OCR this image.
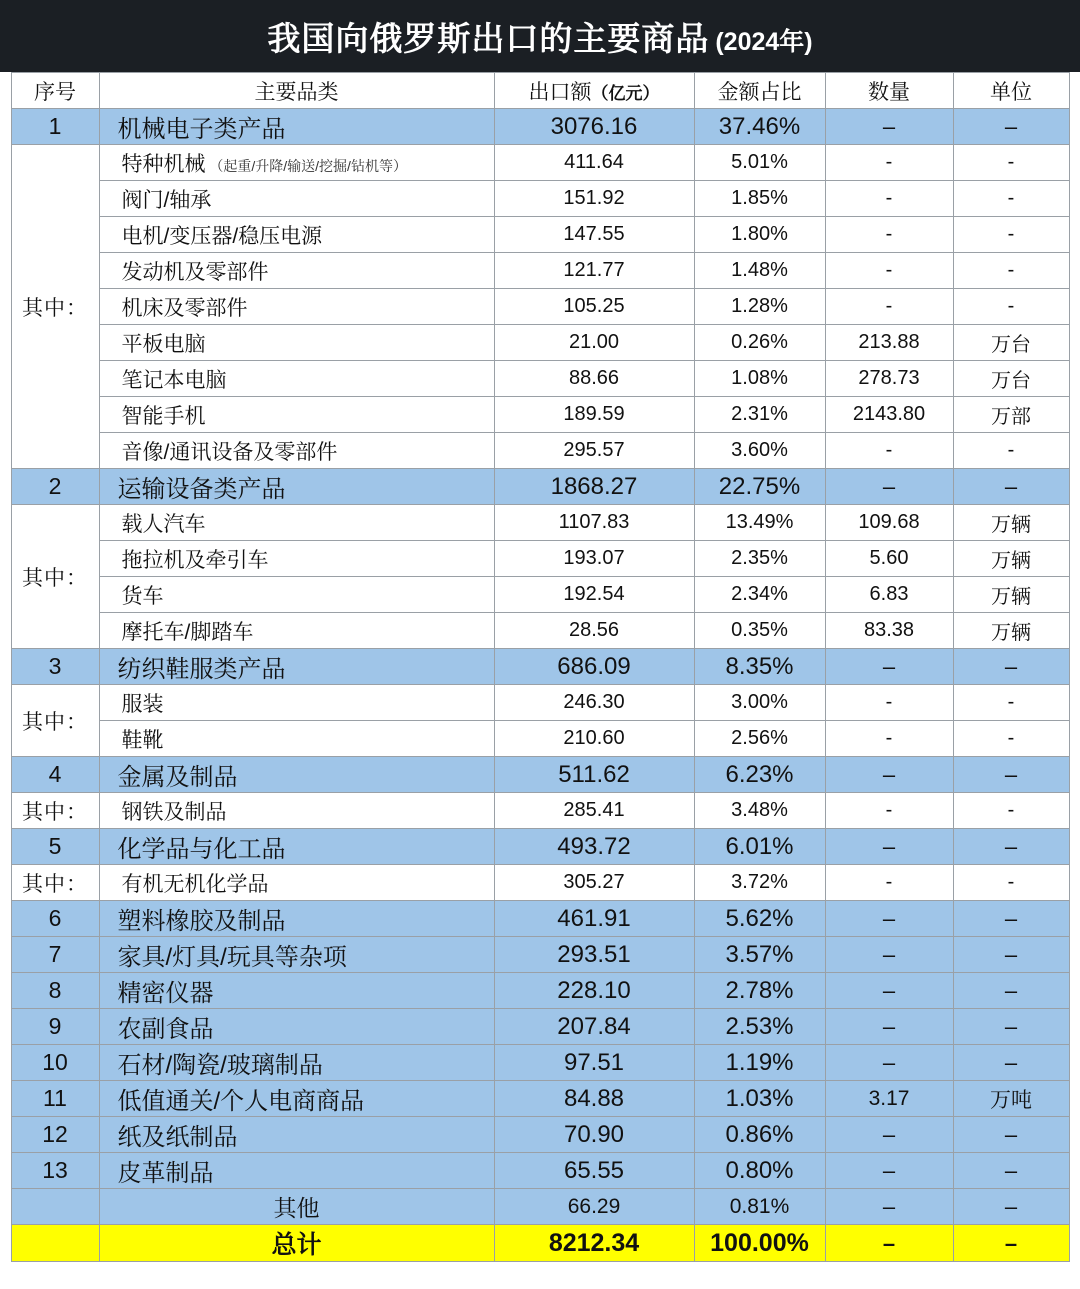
我国向俄罗斯出口的主要商品 (2024年)
序号	主要品类	出口额（亿元）	金额占比	数量	单位
1	机械电子类产品	3076.16	37.46%	–	–
其中：	特种机械 （起重/升降/输送/挖掘/钻机等）	411.64	5.01%	-	-
	阀门/轴承	151.92	1.85%	-	-
	电机/变压器/稳压电源	147.55	1.80%	-	-
	发动机及零部件	121.77	1.48%	-	-
	机床及零部件	105.25	1.28%	-	-
	平板电脑	21.00	0.26%	213.88	万台
	笔记本电脑	88.66	1.08%	278.73	万台
	智能手机	189.59	2.31%	2143.80	万部
	音像/通讯设备及零部件	295.57	3.60%	-	-
2	运输设备类产品	1868.27	22.75%	–	–
其中：	载人汽车	1107.83	13.49%	109.68	万辆
	拖拉机及牵引车	193.07	2.35%	5.60	万辆
	货车	192.54	2.34%	6.83	万辆
	摩托车/脚踏车	28.56	0.35%	83.38	万辆
3	纺织鞋服类产品	686.09	8.35%	–	–
其中：	服装	246.30	3.00%	-	-
	鞋靴	210.60	2.56%	-	-
4	金属及制品	511.62	6.23%	–	–
其中：	钢铁及制品	285.41	3.48%	-	-
5	化学品与化工品	493.72	6.01%	–	–
其中：	有机无机化学品	305.27	3.72%	-	-
6	塑料橡胶及制品	461.91	5.62%	–	–
7	家具/灯具/玩具等杂项	293.51	3.57%	–	–
8	精密仪器	228.10	2.78%	–	–
9	农副食品	207.84	2.53%	–	–
10	石材/陶瓷/玻璃制品	97.51	1.19%	–	–
11	低值通关/个人电商商品	84.88	1.03%	3.17	万吨
12	纸及纸制品	70.90	0.86%	–	–
13	皮革制品	65.55	0.80%	–	–
	其他	66.29	0.81%	–	–
	总计	8212.34	100.00%	–	–
